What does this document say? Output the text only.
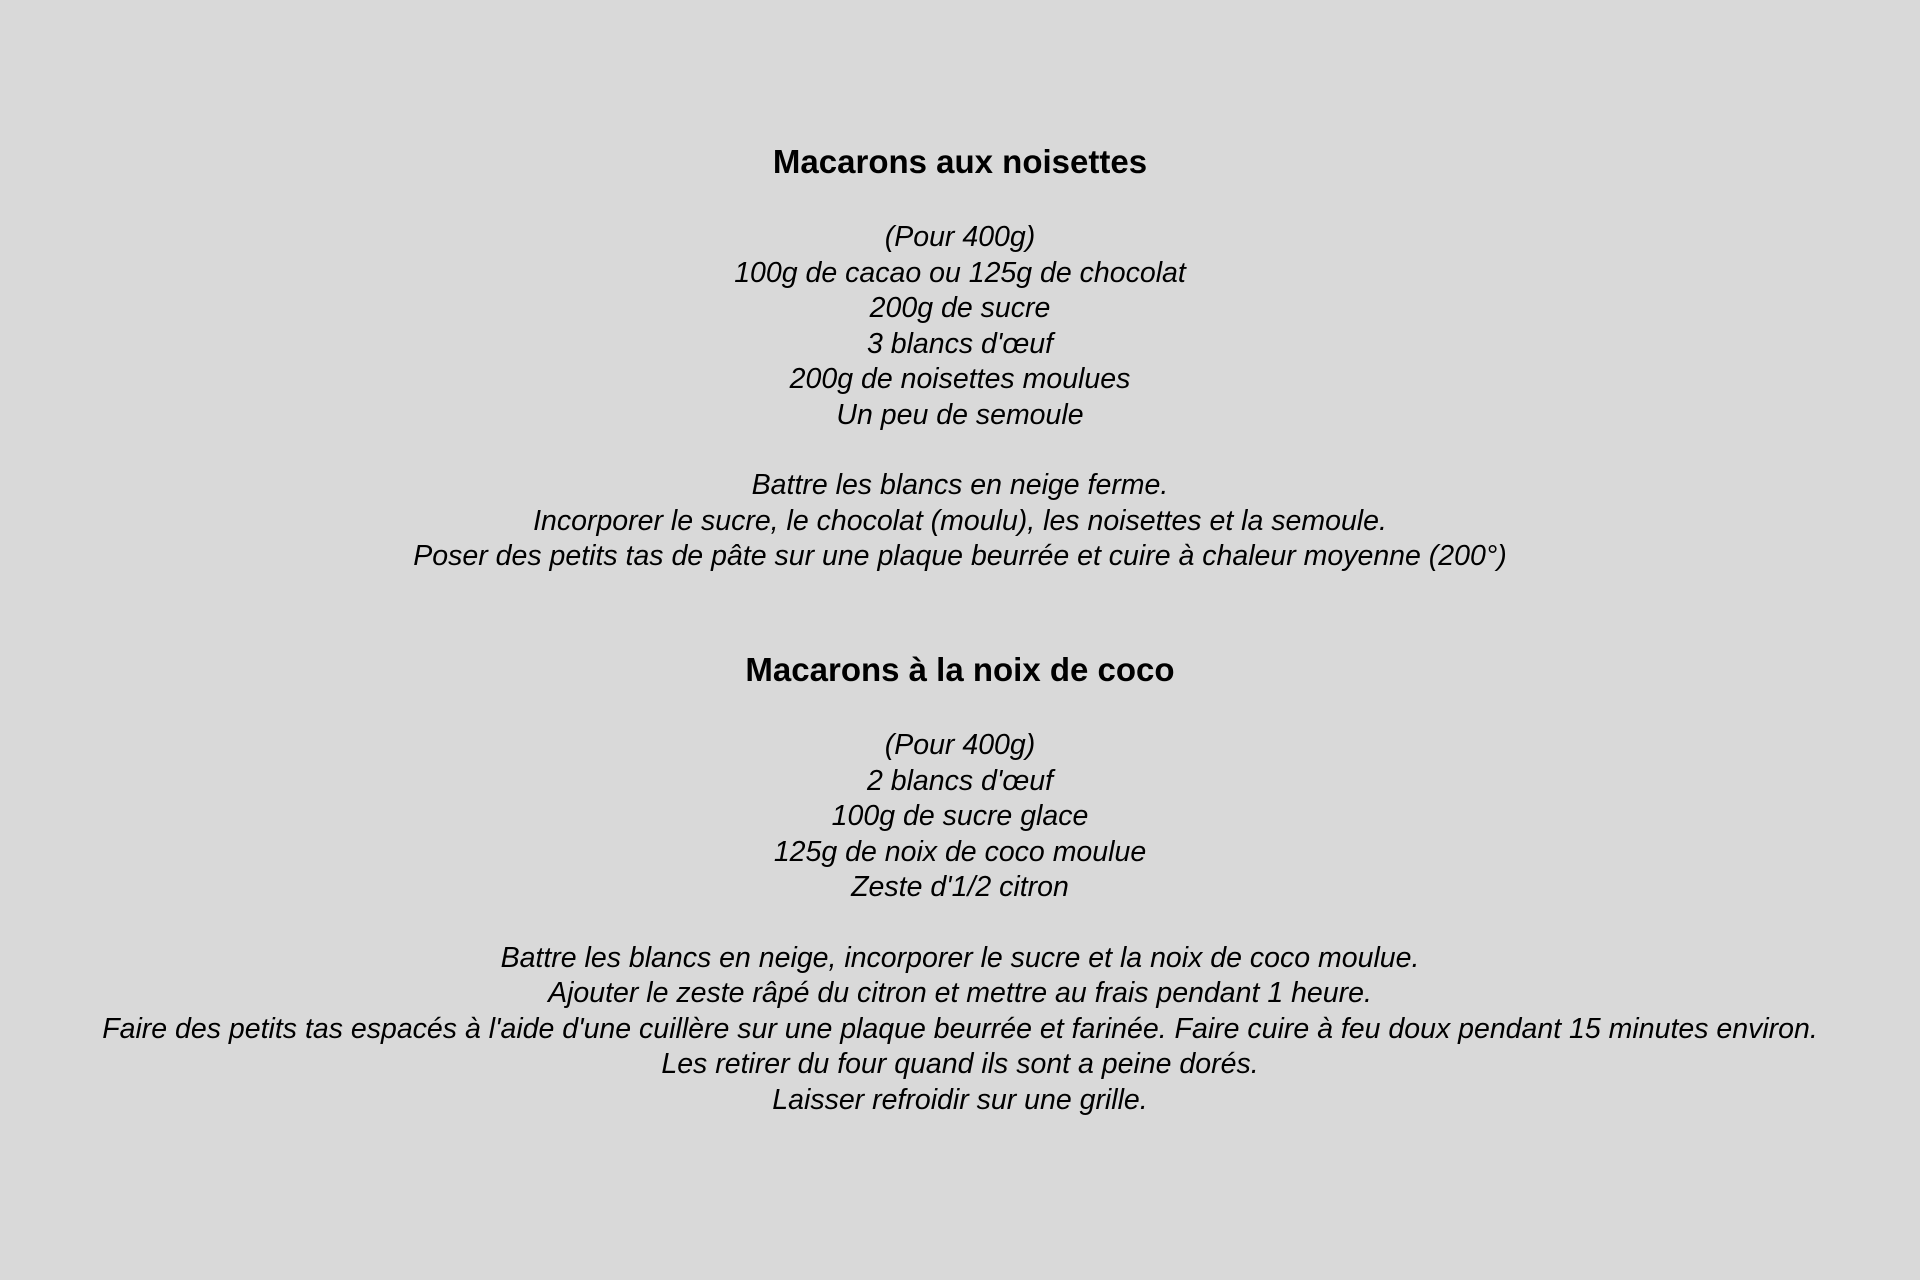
Macarons aux noisettes

(Pour 400g)
100g de cacao ou 125g de chocolat
200g de sucre
3 blancs d'œuf
200g de noisettes moulues
Un peu de semoule

Battre les blancs en neige ferme.
Incorporer le sucre, le chocolat (moulu), les noisettes et la semoule.
Poser des petits tas de pâte sur une plaque beurrée et cuire à chaleur moyenne (200°)

Macarons à la noix de coco

(Pour 400g)
2 blancs d'œuf
100g de sucre glace
125g de noix de coco moulue
Zeste d'1/2 citron

Battre les blancs en neige, incorporer le sucre et la noix de coco moulue.
Ajouter le zeste râpé du citron et mettre au frais pendant 1 heure.
Faire des petits tas espacés à l'aide d'une cuillère sur une plaque beurrée et farinée. Faire cuire à feu doux pendant 15 minutes environ.
Les retirer du four quand ils sont a peine dorés.
Laisser refroidir sur une grille.
